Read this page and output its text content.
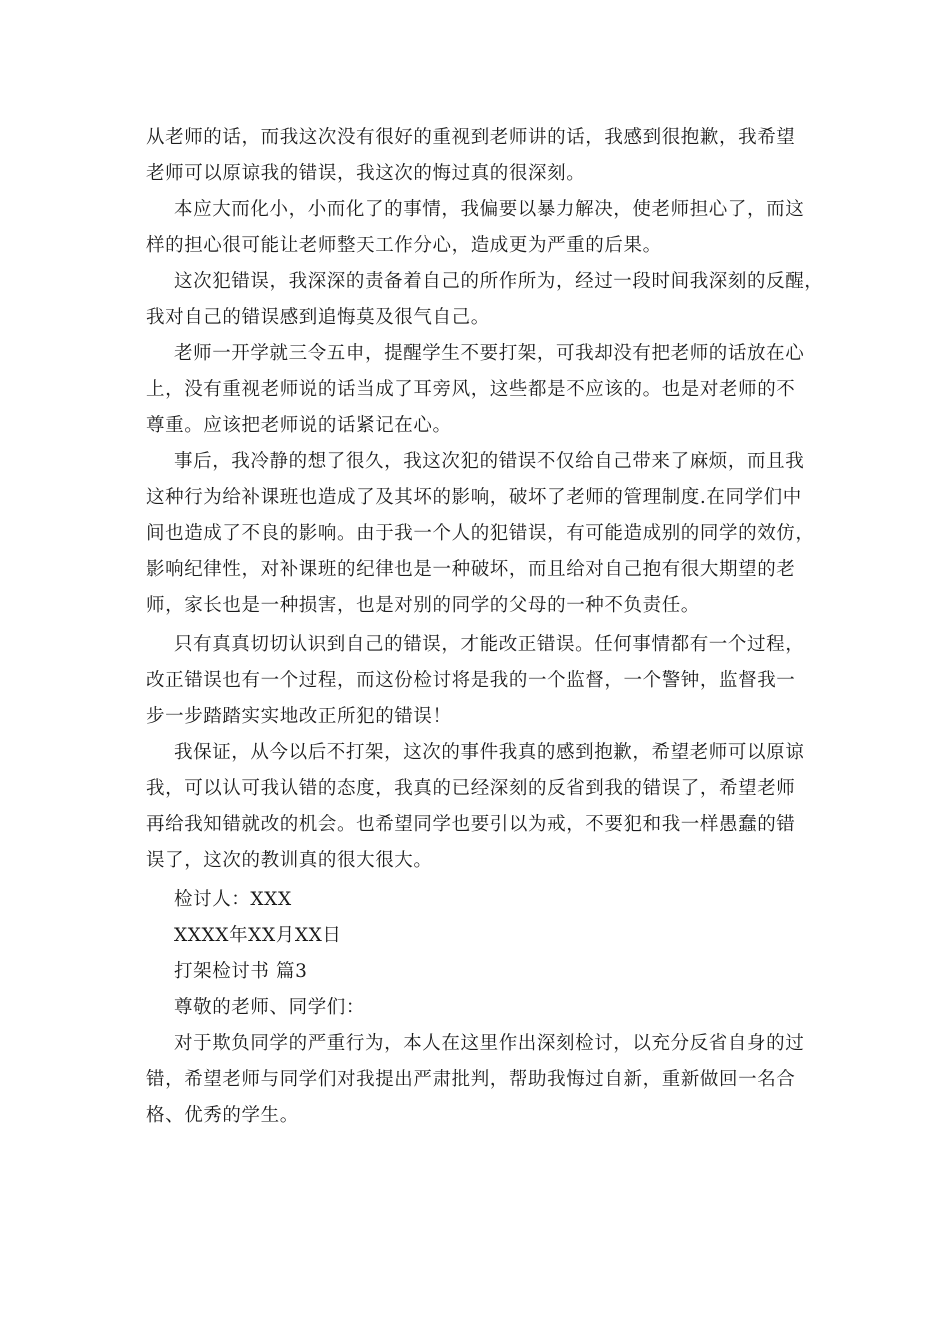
从老师的话，而我这次没有很好的重视到老师讲的话，我感到很抱歉，我希望
老师可以原谅我的错误，我这次的悔过真的很深刻。
本应大而化小，小而化了的事情，我偏要以暴力解决，使老师担心了，而这
样的担心很可能让老师整天工作分心，造成更为严重的后果。
这次犯错误，我深深的责备着自己的所作所为，经过一段时间我深刻的反醒，
我对自己的错误感到追悔莫及很气自己。
老师一开学就三令五申，提醒学生不要打架，可我却没有把老师的话放在心
上，没有重视老师说的话当成了耳旁风，这些都是不应该的。也是对老师的不
尊重。应该把老师说的话紧记在心。
事后，我冷静的想了很久，我这次犯的错误不仅给自己带来了麻烦，而且我
这种行为给补课班也造成了及其坏的影响，破坏了老师的管理制度.在同学们中
间也造成了不良的影响。由于我一个人的犯错误，有可能造成别的同学的效仿，
影响纪律性，对补课班的纪律也是一种破坏，而且给对自己抱有很大期望的老
师，家长也是一种损害，也是对别的同学的父母的一种不负责任。
只有真真切切认识到自己的错误，才能改正错误。任何事情都有一个过程，
改正错误也有一个过程，而这份检讨将是我的一个监督，一个警钟，监督我一
步一步踏踏实实地改正所犯的错误！
我保证，从今以后不打架，这次的事件我真的感到抱歉，希望老师可以原谅
我，可以认可我认错的态度，我真的已经深刻的反省到我的错误了，希望老师
再给我知错就改的机会。也希望同学也要引以为戒，不要犯和我一样愚蠢的错
误了，这次的教训真的很大很大。
检讨人：XXX
XXXX年XX月XX日
打架检讨书 篇3
尊敬的老师、同学们：
对于欺负同学的严重行为，本人在这里作出深刻检讨，以充分反省自身的过
错，希望老师与同学们对我提出严肃批判，帮助我悔过自新，重新做回一名合
格、优秀的学生。
